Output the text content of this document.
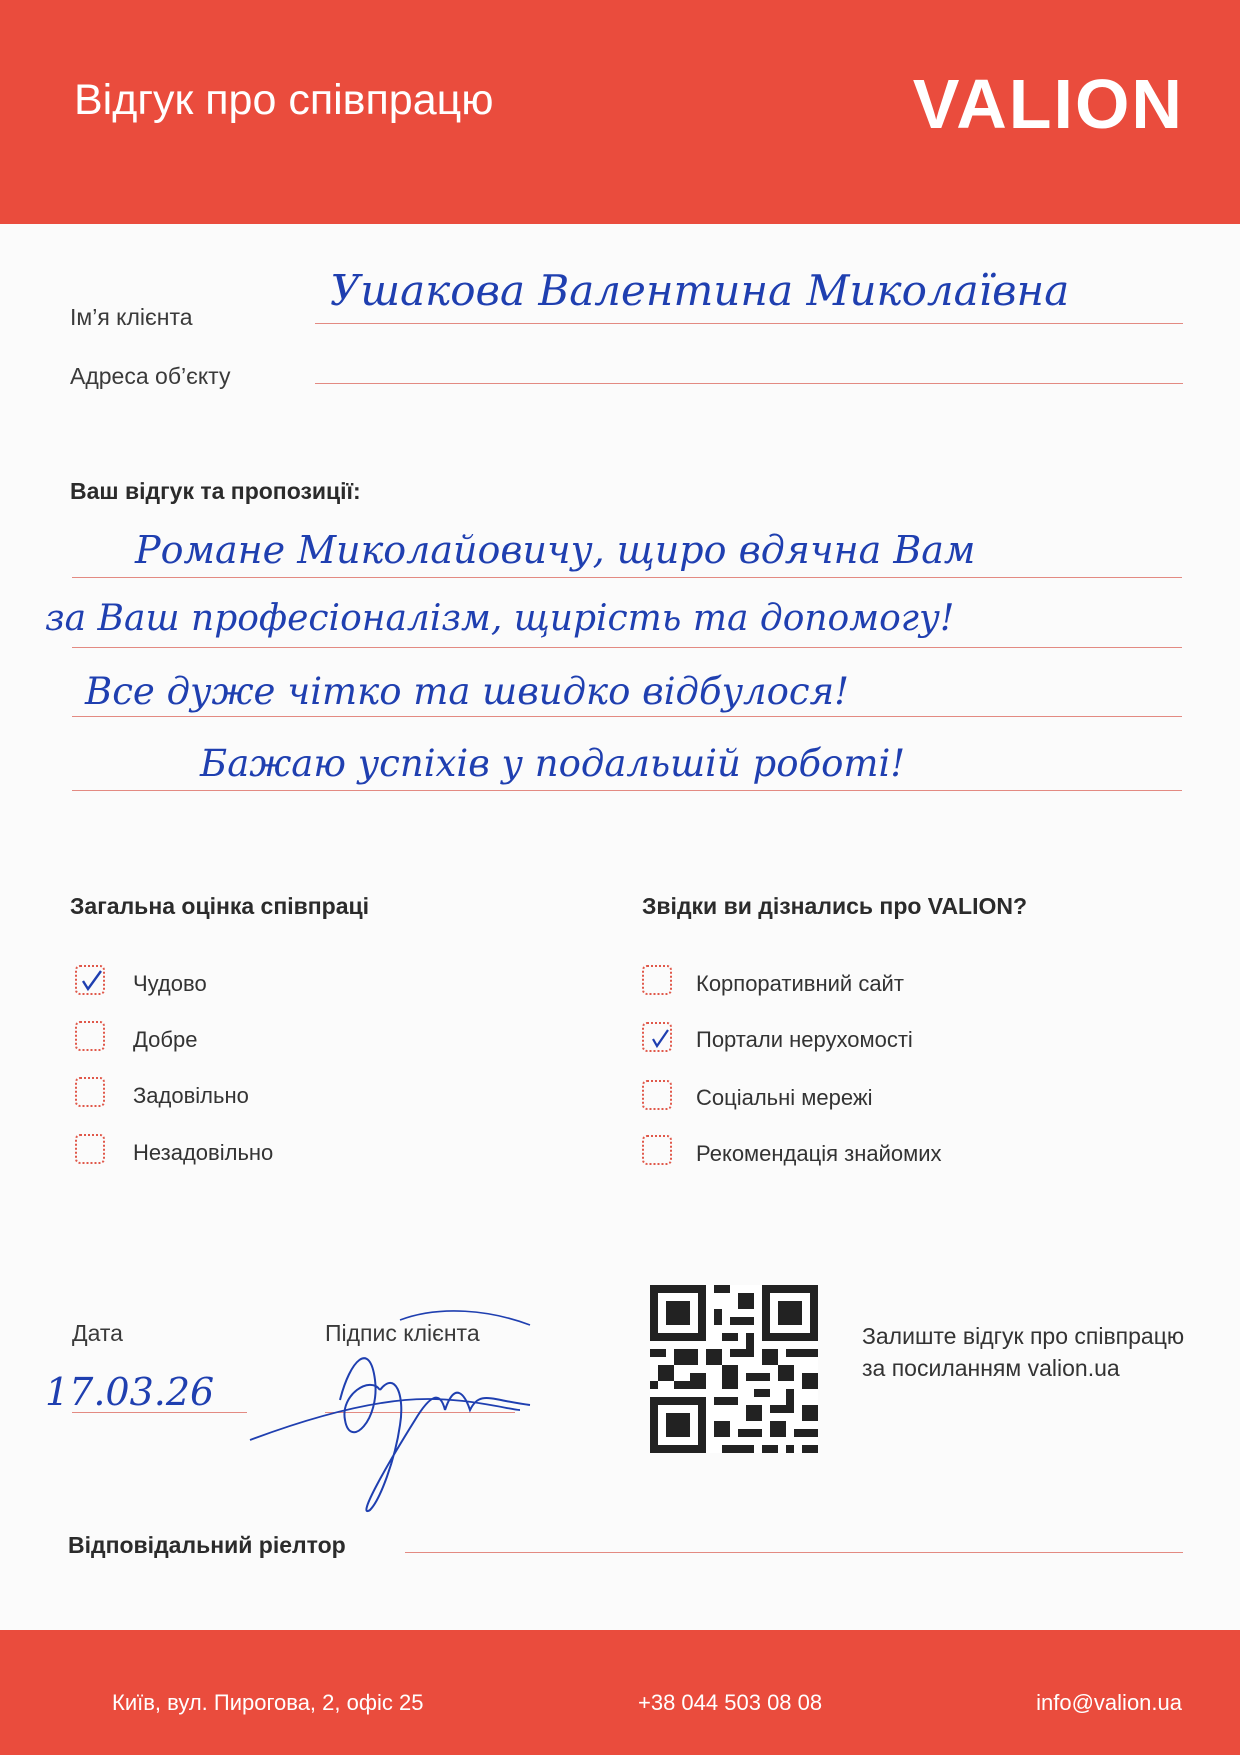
Відгук про співпрацю	VALION
Ім’я клієнта
Ушакова Валентина Миколаївна
Адреса об’єкту
Ваш відгук та пропозиції:
Романе Миколайовичу, щиро вдячна Вам
за Ваш професіоналізм, щирість та допомогу!
Все дуже чітко та швидко відбулося!
Бажаю успіхів у подальшій роботі!
Загальна оцінка співпраці
Чудово
Добре
Задовільно
Незадовільно
Звідки ви дізнались про VALION?
Корпоративний сайт
Портали нерухомості
Соціальні мережі
Рекомендація знайомих
Дата
17.03.26
Підпис клієнта	Залиште відгук про співпрацю за посиланням valion.ua
Відповідальний ріелтор
Київ, вул. Пирогова, 2, офіс 25	+38 044 503 08 08	info@valion.ua
